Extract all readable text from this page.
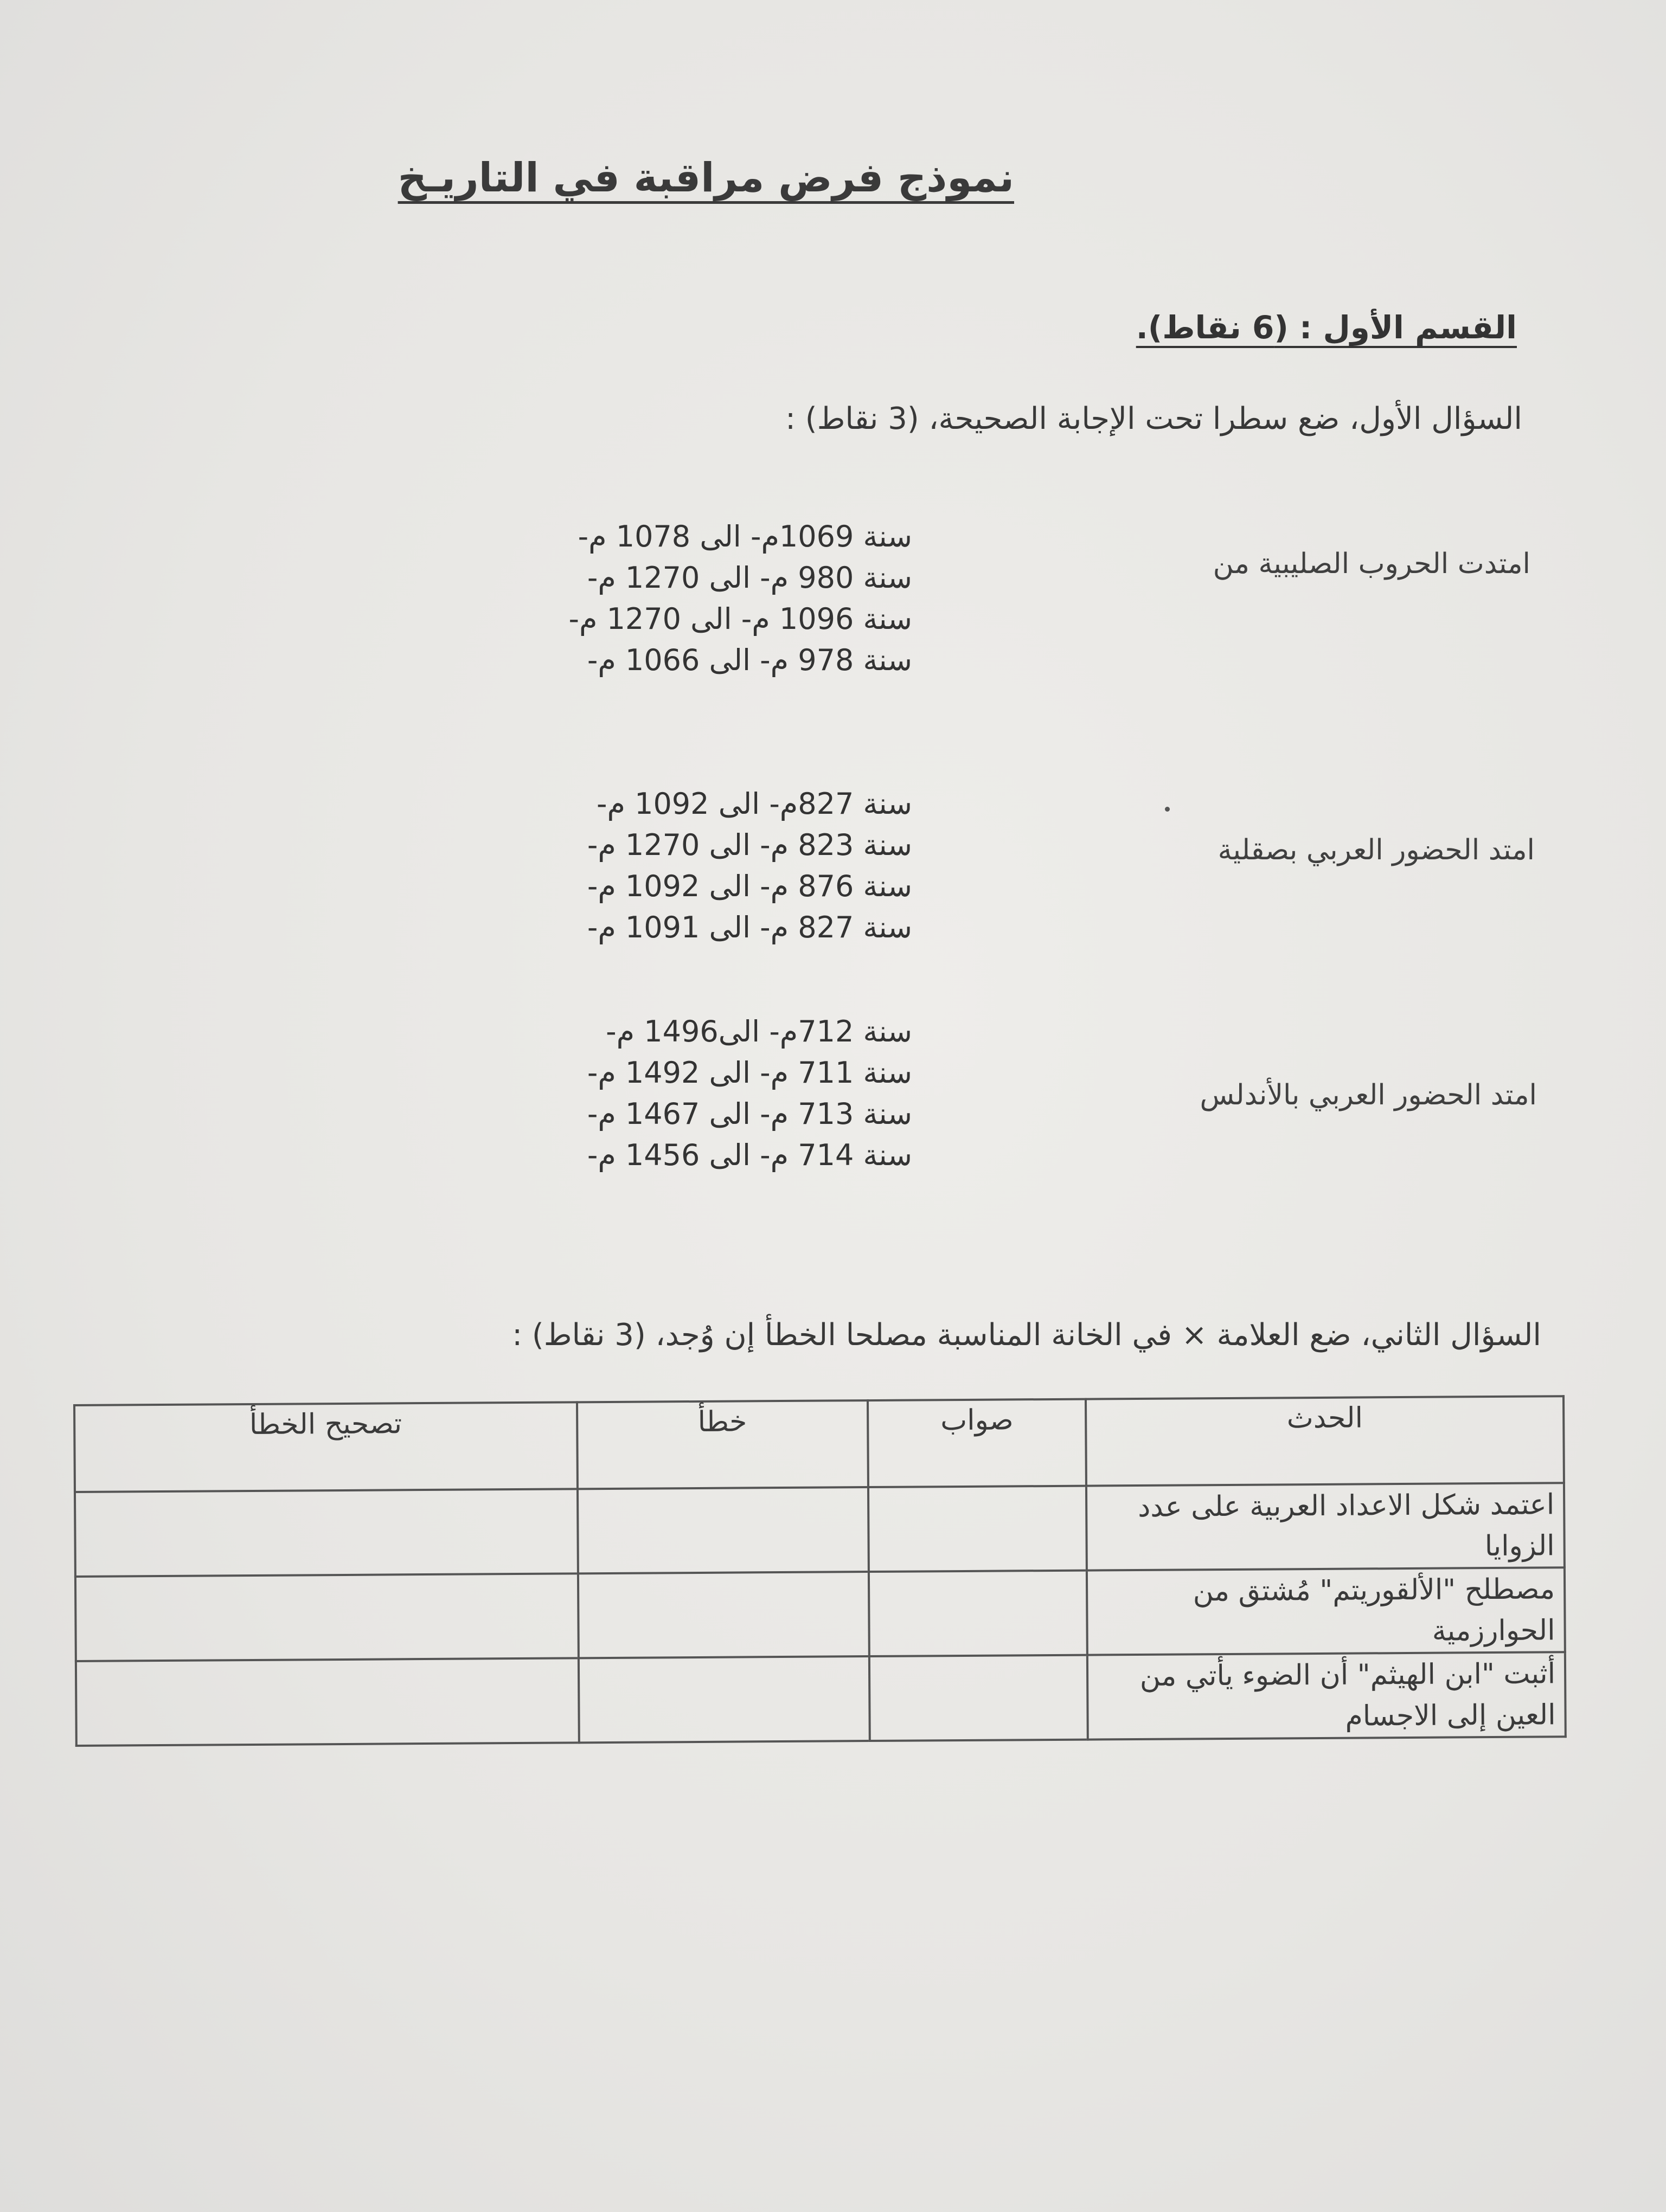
نموذج فرض مراقبة في التاريـخ
القسم الأول : (6 نقاط).
السؤال الأول، ضع سطرا تحت الإجابة الصحيحة، (3 نقاط) :
امتدت الحروب الصليبية من
سنة 1069م- الى 1078 م-
سنة 980 م- الى 1270 م-
سنة 1096 م- الى 1270 م-
سنة 978 م- الى 1066 م-
امتد الحضور العربي بصقلية
سنة 827م- الى 1092 م-
سنة 823 م- الى 1270 م-
سنة 876 م- الى 1092 م-
سنة 827 م- الى 1091 م-
امتد الحضور العربي بالأندلس
سنة 712م- الى1496 م-
سنة 711 م- الى 1492 م-
سنة 713 م- الى 1467 م-
سنة 714 م- الى 1456 م-
السؤال الثاني، ضع العلامة × في الخانة المناسبة مصلحا الخطأ إن وُجد، (3 نقاط) :
الحدث	صواب	خطأ	تصحيح الخطأ
اعتمد شكل الاعداد العربية على عدد الزوايا			
مصطلح "الألقوريتم" مُشتق من الحوارزمية			
أثبت "ابن الهيثم" أن الضوء يأتي من العين إلى الاجسام			
